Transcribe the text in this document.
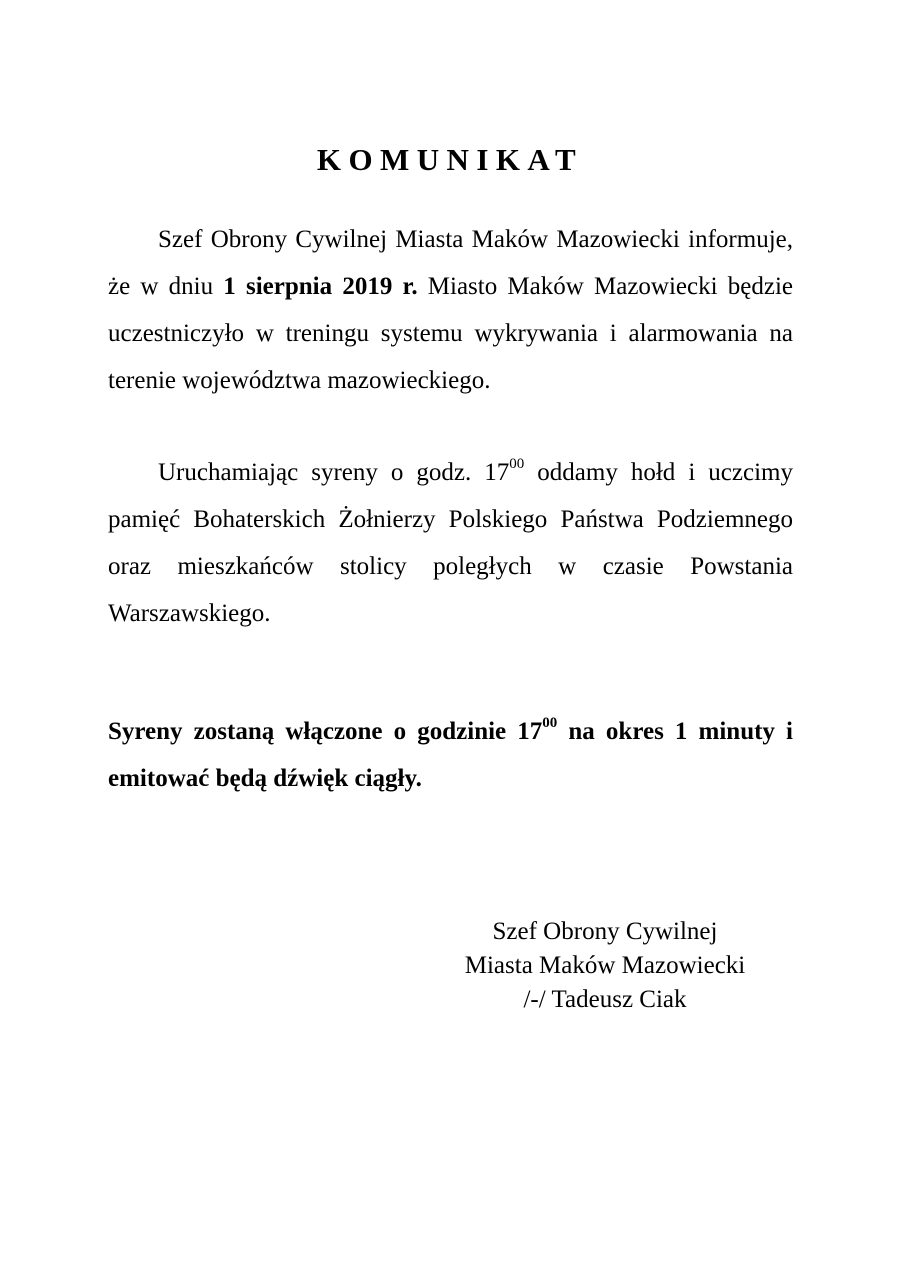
KOMUNIKAT

Szef Obrony Cywilnej Miasta Maków Mazowiecki informuje, że w dniu 1 sierpnia 2019 r. Miasto Maków Mazowiecki będzie uczestniczyło w treningu systemu wykrywania i alarmowania na terenie województwa mazowieckiego.

Uruchamiając syreny o godz. $17^{00}$ oddamy hołd i uczcimy pamięć Bohaterskich Żołnierzy Polskiego Państwa Podziemnego oraz mieszkańców stolicy poległych w czasie Powstania Warszawskiego.

Syreny zostaną włączone o godzinie $17^{00}$ na okres 1 minuty i emitować będą dźwięk ciągły.

Szef Obrony Cywilnej
Miasta Maków Mazowiecki
/-/ Tadeusz Ciak
